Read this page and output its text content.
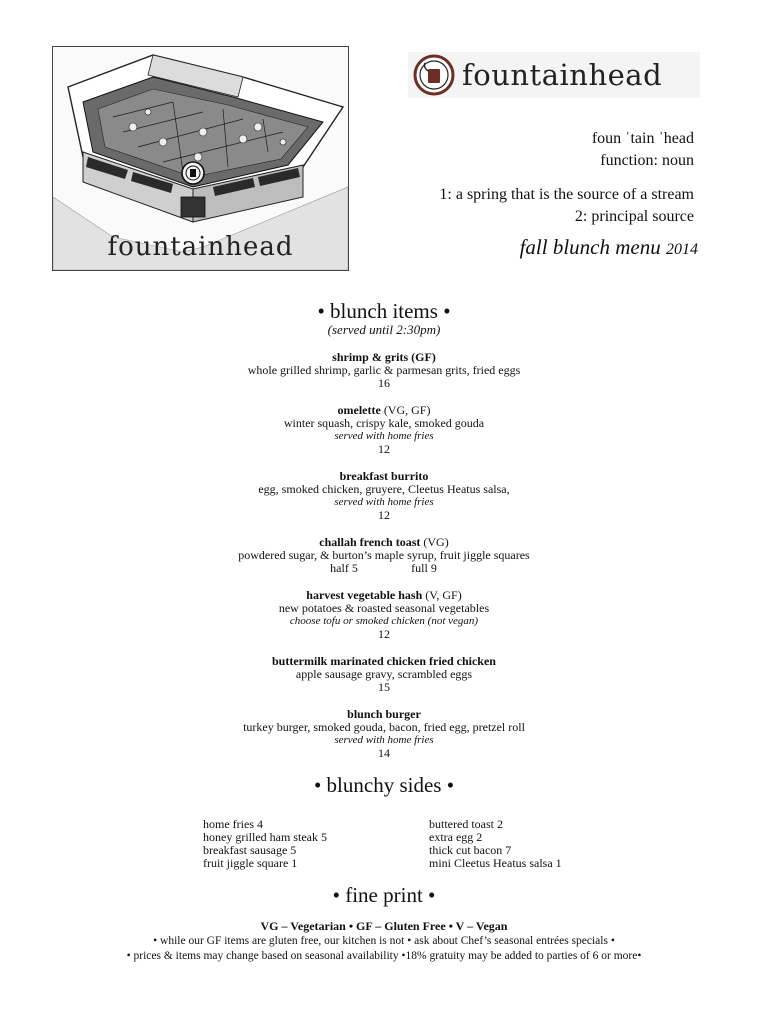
fountainhead
fountainhead
foun ˈtain ˈhead
function: noun
1: a spring that is the source of a stream
2: principal source
fall blunch menu 2014
• blunch items •
(served until 2:30pm)
shrimp & grits (GF)
whole grilled shrimp, garlic & parmesan grits, fried eggs
16
omelette (VG, GF)
winter squash, crispy kale, smoked gouda
served with home fries
12
breakfast burrito
egg, smoked chicken, gruyere, Cleetus Heatus salsa,
served with home fries
12
challah french toast (VG)
powdered sugar, & burton’s maple syrup, fruit jiggle squares
half 5	full 9
harvest vegetable hash (V, GF)
new potatoes & roasted seasonal vegetables
choose tofu or smoked chicken (not vegan)
12
buttermilk marinated chicken fried chicken
apple sausage gravy, scrambled eggs
15
blunch burger
turkey burger, smoked gouda, bacon, fried egg, pretzel roll
served with home fries
14
• blunchy sides •
home fries 4	buttered toast 2
honey grilled ham steak 5	extra egg 2
breakfast sausage 5	thick cut bacon 7
fruit jiggle square 1	mini Cleetus Heatus salsa 1
• fine print •
VG – Vegetarian • GF – Gluten Free • V – Vegan
• while our GF items are gluten free, our kitchen is not • ask about Chef’s seasonal entrées specials •
• prices & items may change based on seasonal availability •18% gratuity may be added to parties of 6 or more•
